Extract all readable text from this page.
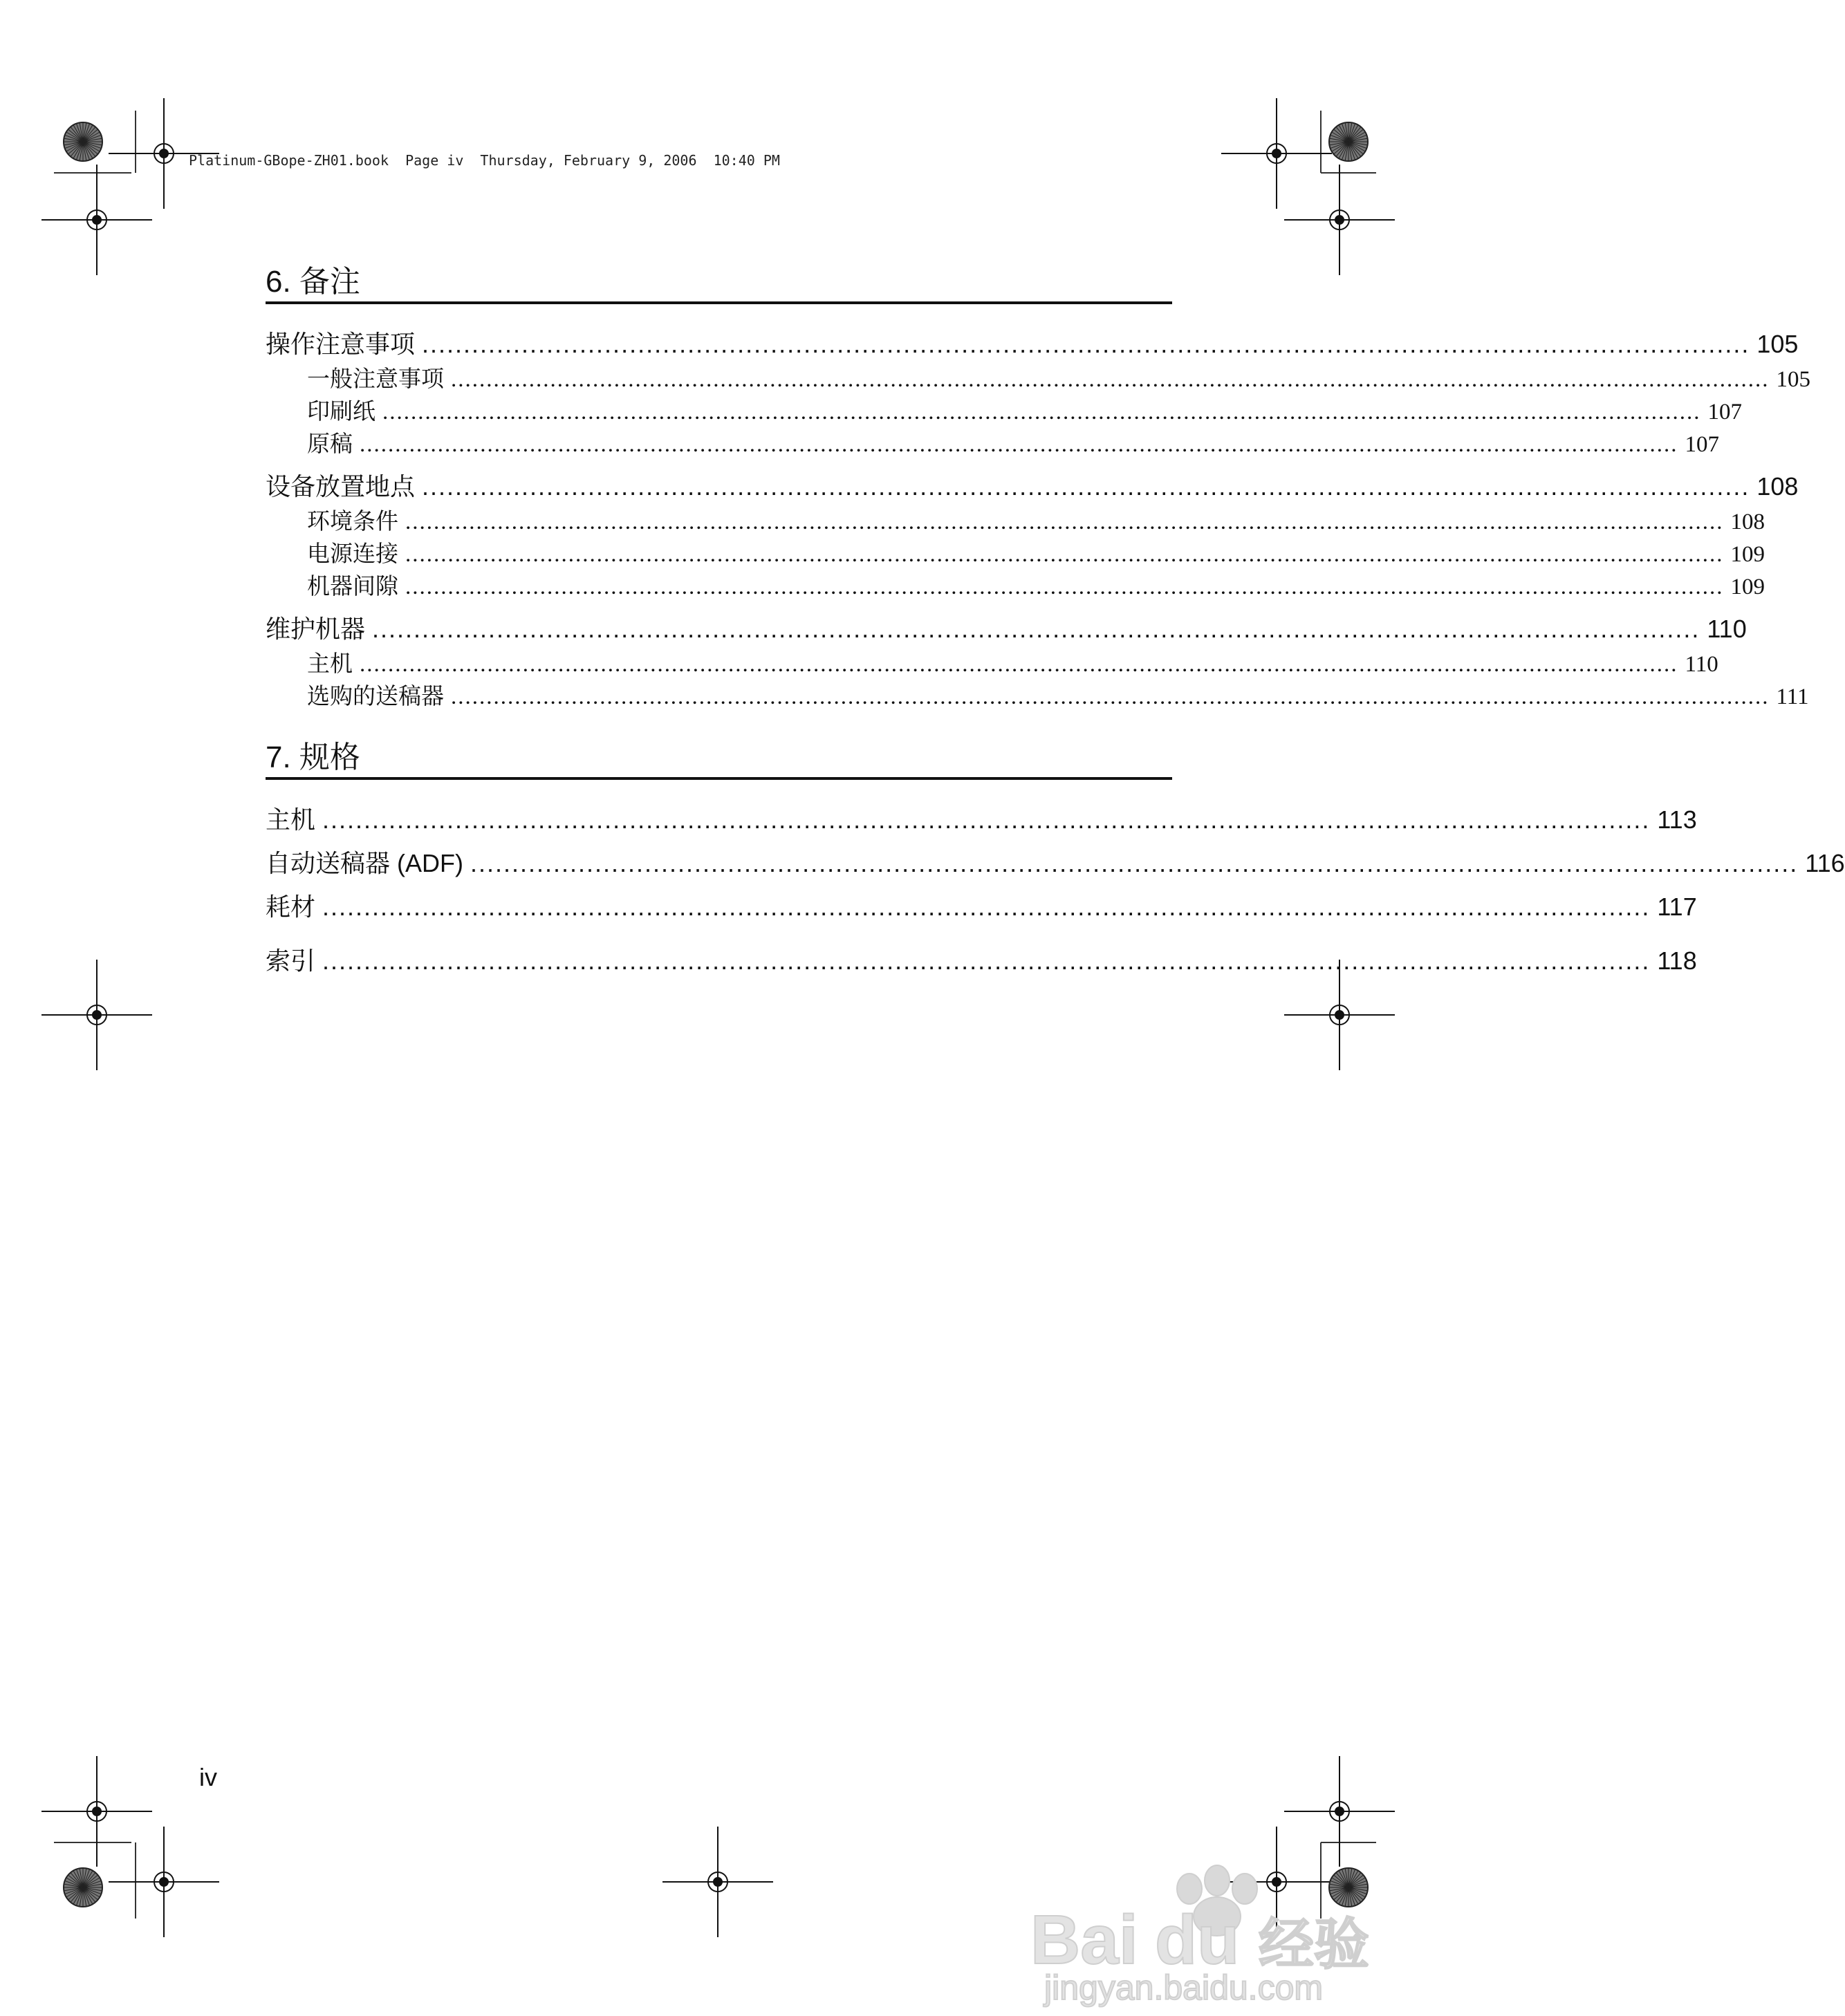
Platinum-GBope-ZH01.book  Page iv  Thursday, February 9, 2006  10:40 PM
6. 备注
操作注意事项 ................................................................................................................................................................ 105
一般注意事项 .......................................................................................................................................................................................... 105
印刷纸 .......................................................................................................................................................................................... 107
原稿 .......................................................................................................................................................................................... 107
设备放置地点 ................................................................................................................................................................ 108
环境条件 .......................................................................................................................................................................................... 108
电源连接 .......................................................................................................................................................................................... 109
机器间隙 .......................................................................................................................................................................................... 109
维护机器 ................................................................................................................................................................ 110
主机 .......................................................................................................................................................................................... 110
选购的送稿器 .......................................................................................................................................................................................... 111
7. 规格
主机 ................................................................................................................................................................ 113
自动送稿器 (ADF) ................................................................................................................................................................ 116
耗材 ................................................................................................................................................................ 117
索引 ................................................................................................................................................................ 118
iv
Bai du 经验
jingyan.baidu.com
